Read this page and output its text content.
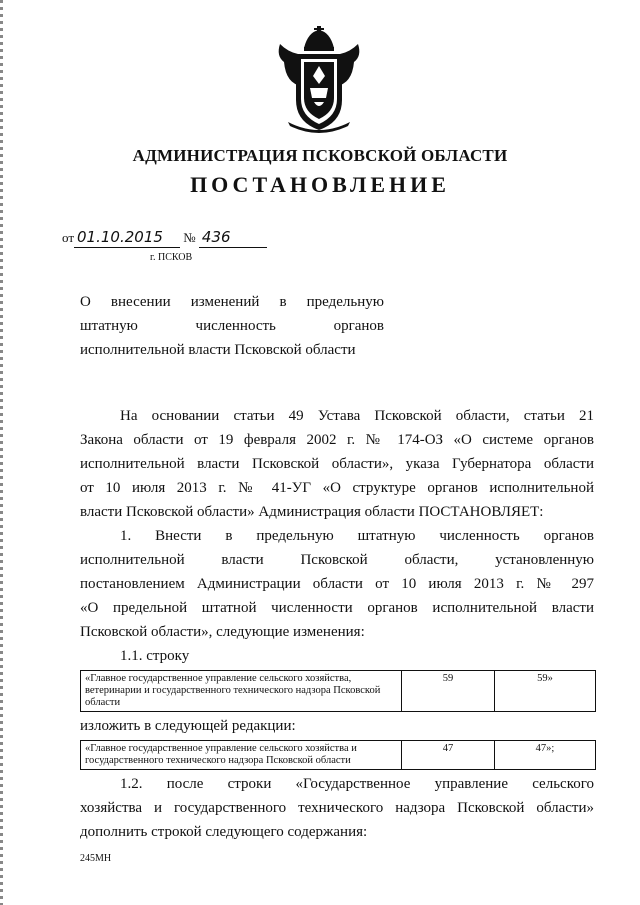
АДМИНИСТРАЦИЯ ПСКОВСКОЙ ОБЛАСТИ
ПОСТАНОВЛЕНИЕ
от 01.10.2015 № 436
г. ПСКОВ
О внесении изменений в предельную
штатную численность органов
исполнительной власти Псковской области
На основании статьи 49 Устава Псковской области, статьи 21
Закона области от 19 февраля 2002 г. № 174-ОЗ «О системе органов
исполнительной власти Псковской области», указа Губернатора области
от 10 июля 2013 г. № 41-УГ «О структуре органов исполнительной
власти Псковской области» Администрация области ПОСТАНОВЛЯЕТ:
1. Внести в предельную штатную численность органов
исполнительной власти Псковской области, установленную
постановлением Администрации области от 10 июля 2013 г. № 297
«О предельной штатной численности органов исполнительной власти
Псковской области», следующие изменения:
1.1. строку
«Главное государственное управление сельского хозяйства, ветеринарии и государственного технического надзора Псковской области	59	59»
изложить в следующей редакции:
«Главное государственное управление сельского хозяйства и государственного технического надзора Псковской области	47	47»;
1.2. после строки «Государственное управление сельского
хозяйства и государственного технического надзора Псковской области»
дополнить строкой следующего содержания:
245МН
